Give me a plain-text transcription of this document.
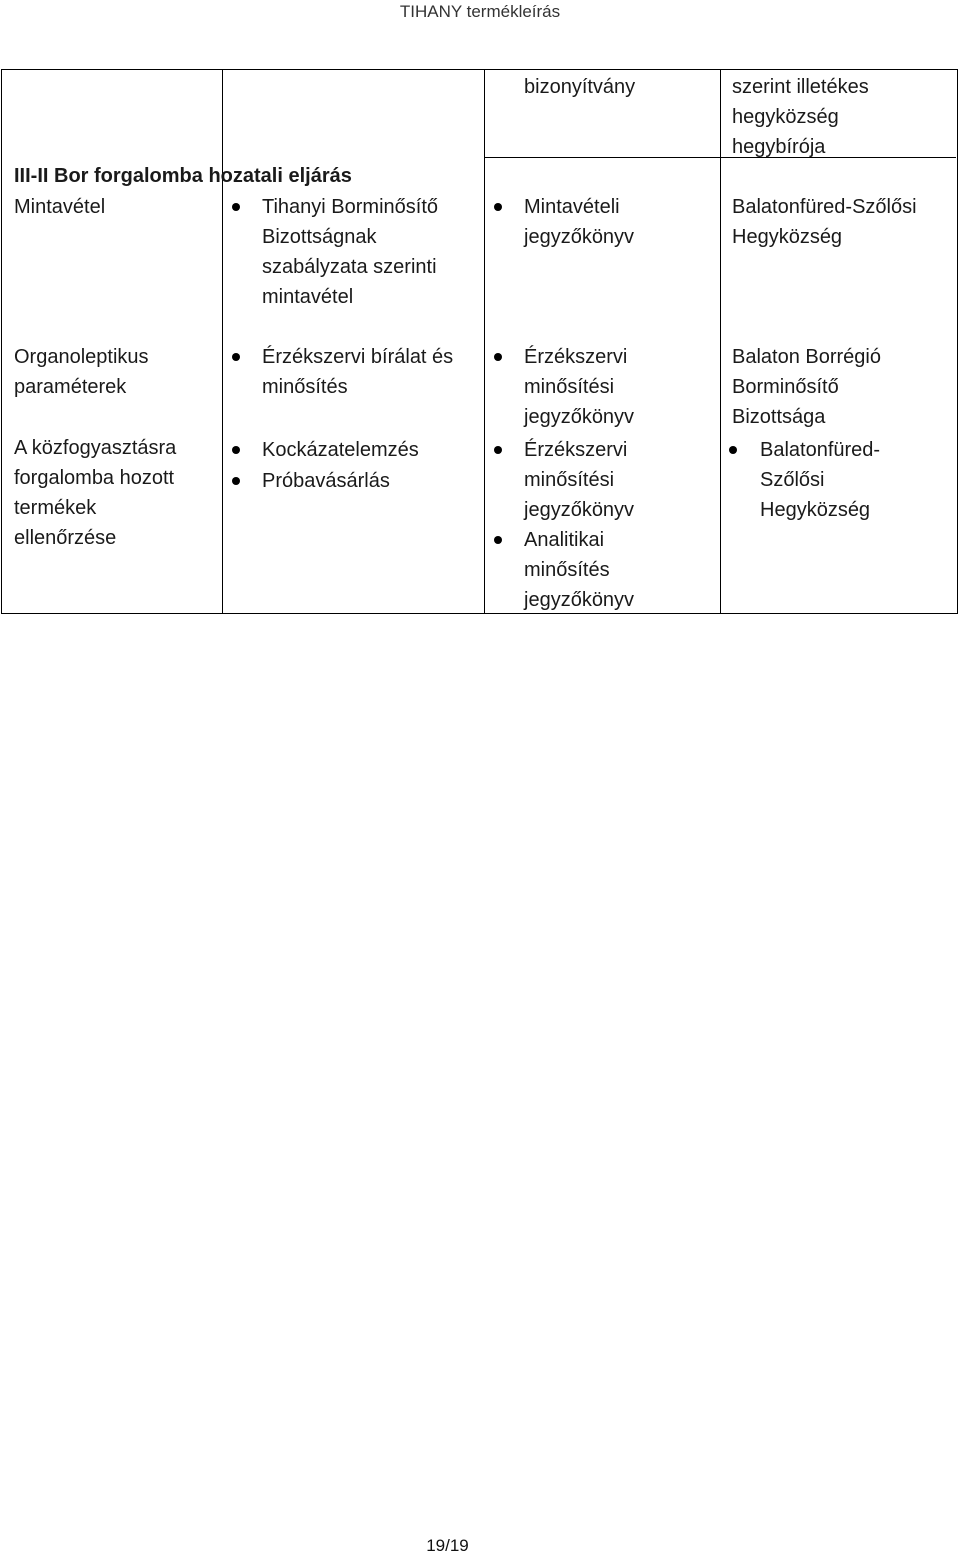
TIHANY termékleírás
bizonyítvány	szerint illetékes
hegyközség
hegybírója
III-II Bor forgalomba hozatali eljárás
Mintavétel	Tihanyi Borminősítő
Bizottságnak
szabályzata szerinti
mintavétel
Mintavételi
jegyzőkönyv
Balatonfüred-Szőlősi
Hegyközség
Organoleptikus
paraméterek
Érzékszervi bírálat és
minősítés
Érzékszervi
minősítési
jegyzőkönyv
Balaton Borrégió
Borminősítő
Bizottsága
A közfogyasztásra
forgalomba hozott
termékek
ellenőrzése
Kockázatelemzés
Próbavásárlás
Érzékszervi
minősítési
jegyzőkönyv
Analitikai
minősítés
jegyzőkönyv
Balatonfüred-
Szőlősi
Hegyközség
19/19
